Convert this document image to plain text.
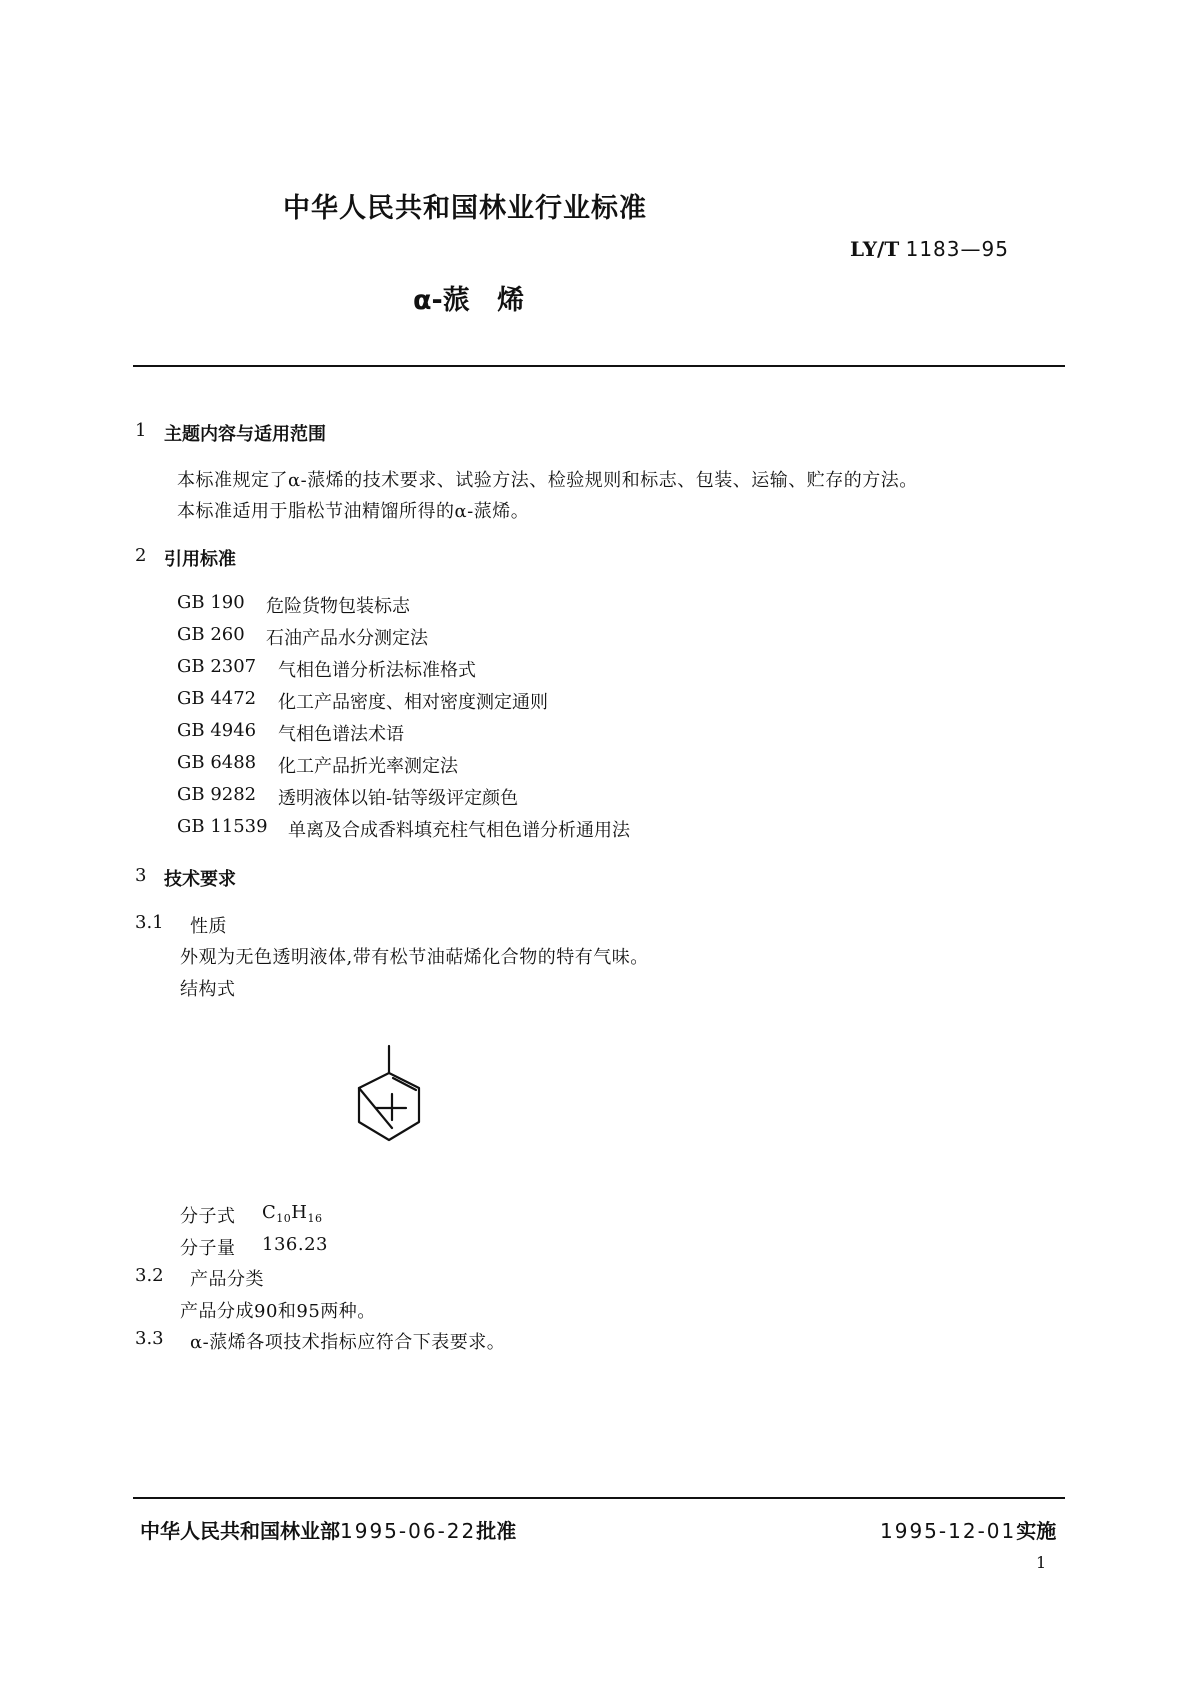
中华人民共和国林业行业标准
LY/T 1183—95
α-蒎 烯
1 主题内容与适用范围
本标准规定了α-蒎烯的技术要求、试验方法、检验规则和标志、包装、运输、贮存的方法。
本标准适用于脂松节油精馏所得的α-蒎烯。
2 引用标准
GB 190 危险货物包装标志
GB 260 石油产品水分测定法
GB 2307 气相色谱分析法标准格式
GB 4472 化工产品密度、相对密度测定通则
GB 4946 气相色谱法术语
GB 6488 化工产品折光率测定法
GB 9282 透明液体以铂-钴等级评定颜色
GB 11539 单离及合成香料填充柱气相色谱分析通用法
3 技术要求
3.1 性质
外观为无色透明液体,带有松节油萜烯化合物的特有气味。
结构式
分子式 $C_{10}H_{16}$
分子量 136.23
3.2 产品分类
产品分成90和95两种。
3.3 α-蒎烯各项技术指标应符合下表要求。
中华人民共和国林业部1995-06-22批准	1995-12-01实施
1
